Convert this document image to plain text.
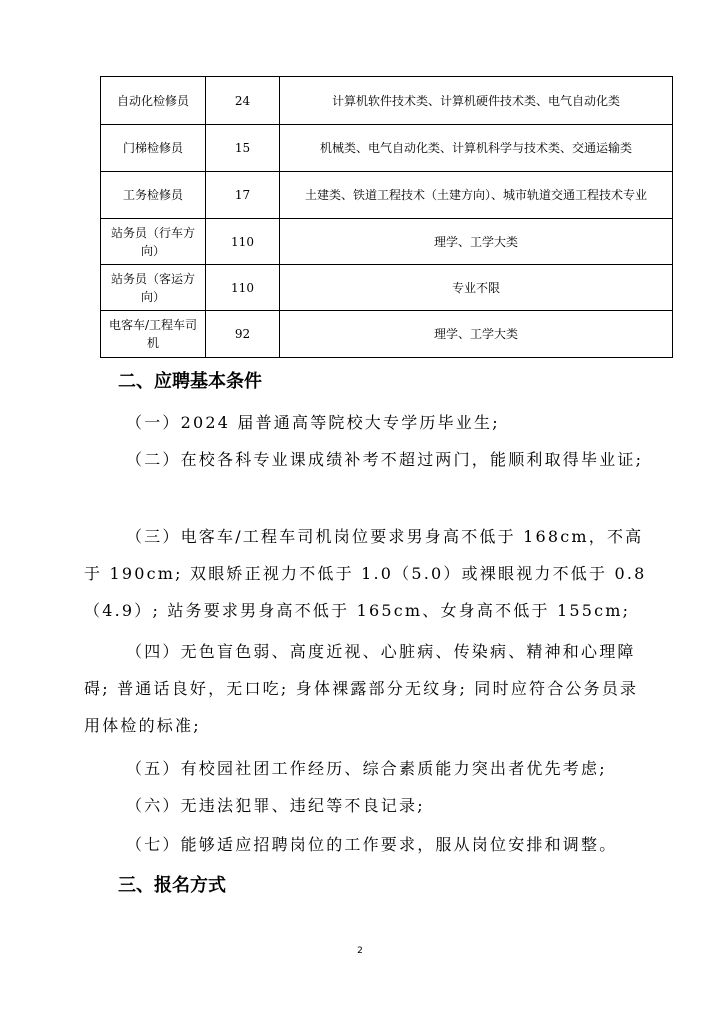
自动化检修员	24	计算机软件技术类、计算机硬件技术类、电气自动化类
门梯检修员	15	机械类、电气自动化类、计算机科学与技术类、交通运输类
工务检修员	17	土建类、铁道工程技术（土建方向）、城市轨道交通工程技术专业
站务员（行车方向）	110	理学、工学大类
站务员（客运方向）	110	专业不限
电客车/工程车司机	92	理学、工学大类
二、应聘基本条件

（一）2024 届普通高等院校大专学历毕业生;

（二）在校各科专业课成绩补考不超过两门，能顺利取得毕业证;

（三）电客车/工程车司机岗位要求男身高不低于 168cm，不高于 190cm; 双眼矫正视力不低于 1.0（5.0）或裸眼视力不低于 0.8（4.9）; 站务要求男身高不低于 165cm、女身高不低于 155cm;

（四）无色盲色弱、高度近视、心脏病、传染病、精神和心理障碍; 普通话良好，无口吃; 身体裸露部分无纹身; 同时应符合公务员录用体检的标准;

（五）有校园社团工作经历、综合素质能力突出者优先考虑;

（六）无违法犯罪、违纪等不良记录;

（七）能够适应招聘岗位的工作要求，服从岗位安排和调整。

三、报名方式

2
